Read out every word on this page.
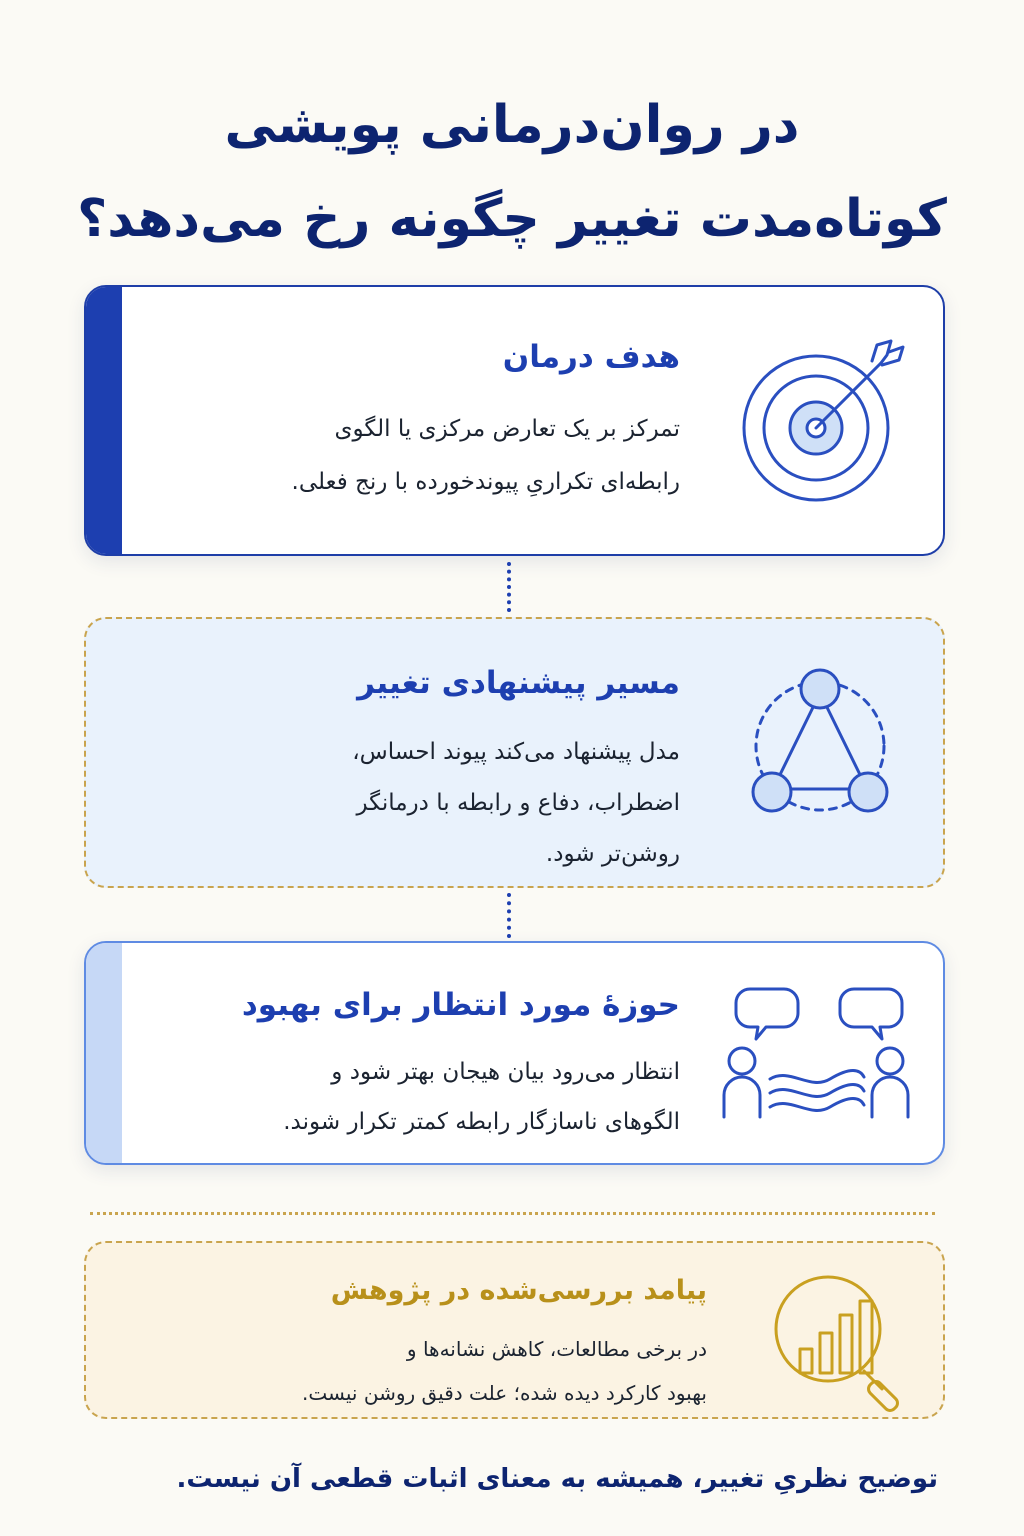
در روان‌درمانی پویشی
کوتاه‌مدت تغییر چگونه رخ می‌دهد؟
هدف درمان
تمرکز بر یک تعارض مرکزی یا الگوی
رابطه‌ای تکراریِ پیوندخورده با رنج فعلی.
مسیر پیشنهادی تغییر
مدل پیشنهاد می‌کند پیوند احساس،
اضطراب، دفاع و رابطه با درمانگر
روشن‌تر شود.
حوزهٔ مورد انتظار برای بهبود
انتظار می‌رود بیان هیجان بهتر شود و
الگوهای ناسازگار رابطه کمتر تکرار شوند.
پیامد بررسی‌شده در پژوهش
در برخی مطالعات، کاهش نشانه‌ها و
بهبود کارکرد دیده شده؛ علت دقیق روشن نیست.
توضیح نظریِ تغییر، همیشه به معنای اثبات قطعی آن نیست.
